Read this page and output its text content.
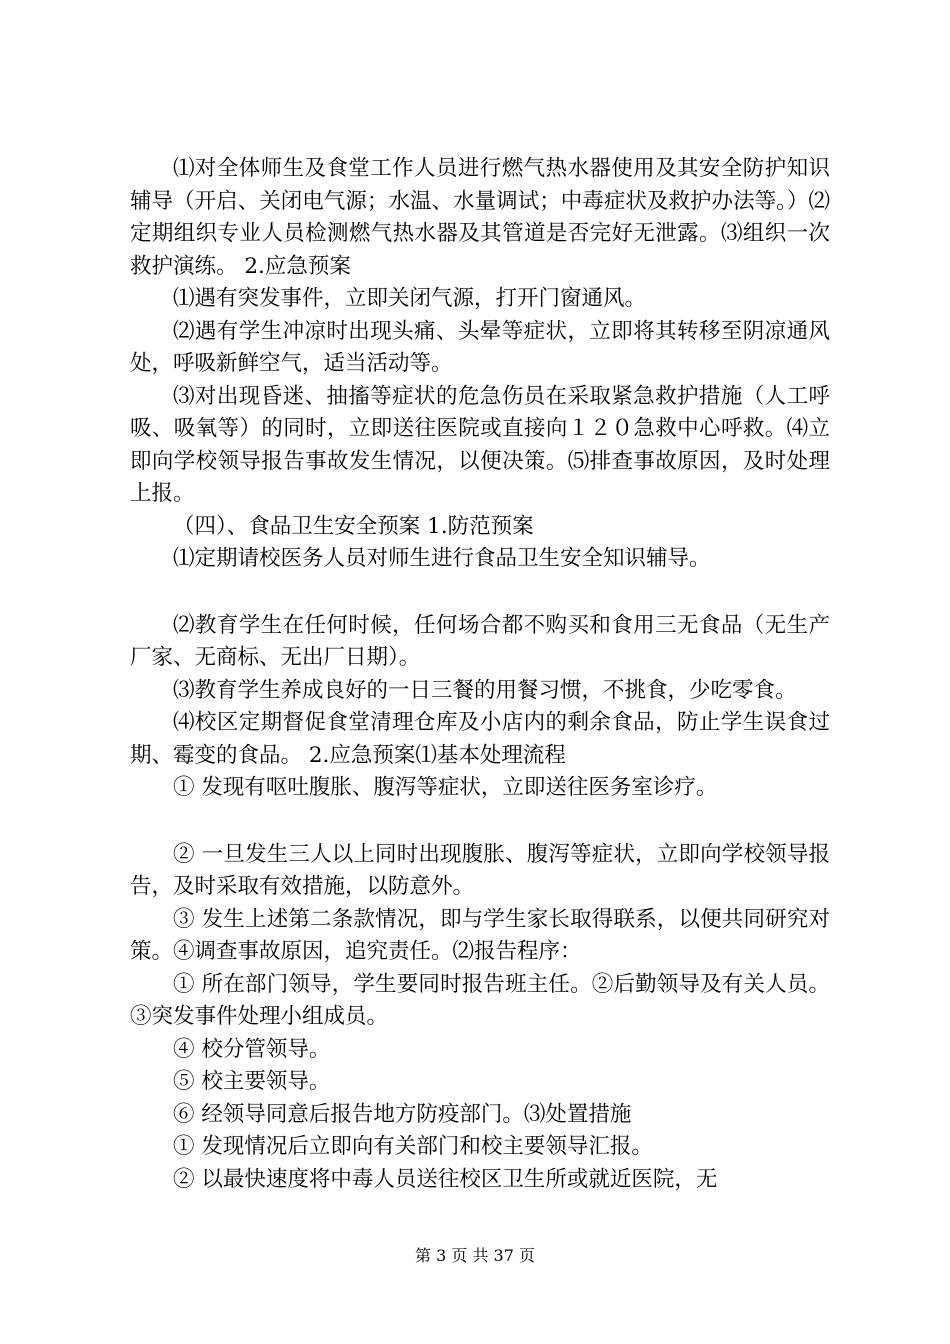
⑴对全体师生及食堂工作人员进行燃气热水器使用及其安全防护知识辅导（开启、关闭电气源；水温、水量调试；中毒症状及救护办法等。）⑵定期组织专业人员检测燃气热水器及其管道是否完好无泄露。⑶组织一次救护演练。 2.应急预案

⑴遇有突发事件，立即关闭气源，打开门窗通风。

⑵遇有学生冲凉时出现头痛、头晕等症状，立即将其转移至阴凉通风处，呼吸新鲜空气，适当活动等。

⑶对出现昏迷、抽搐等症状的危急伤员在采取紧急救护措施（人工呼吸、吸氧等）的同时，立即送往医院或直接向１２０急救中心呼救。⑷立即向学校领导报告事故发生情况，以便决策。⑸排查事故原因，及时处理上报。

（四）、食品卫生安全预案 1.防范预案

⑴定期请校医务人员对师生进行食品卫生安全知识辅导。

⑵教育学生在任何时候，任何场合都不购买和食用三无食品（无生产厂家、无商标、无出厂日期）。

⑶教育学生养成良好的一日三餐的用餐习惯，不挑食，少吃零食。

⑷校区定期督促食堂清理仓库及小店内的剩余食品，防止学生误食过期、霉变的食品。 2.应急预案⑴基本处理流程

① 发现有呕吐腹胀、腹泻等症状，立即送往医务室诊疗。

② 一旦发生三人以上同时出现腹胀、腹泻等症状，立即向学校领导报告，及时采取有效措施，以防意外。

③ 发生上述第二条款情况，即与学生家长取得联系，以便共同研究对策。④调查事故原因，追究责任。⑵报告程序：

① 所在部门领导，学生要同时报告班主任。②后勤领导及有关人员。③突发事件处理小组成员。

④ 校分管领导。

⑤ 校主要领导。

⑥ 经领导同意后报告地方防疫部门。⑶处置措施

① 发现情况后立即向有关部门和校主要领导汇报。

② 以最快速度将中毒人员送往校区卫生所或就近医院，无

第 3 页 共 37 页
